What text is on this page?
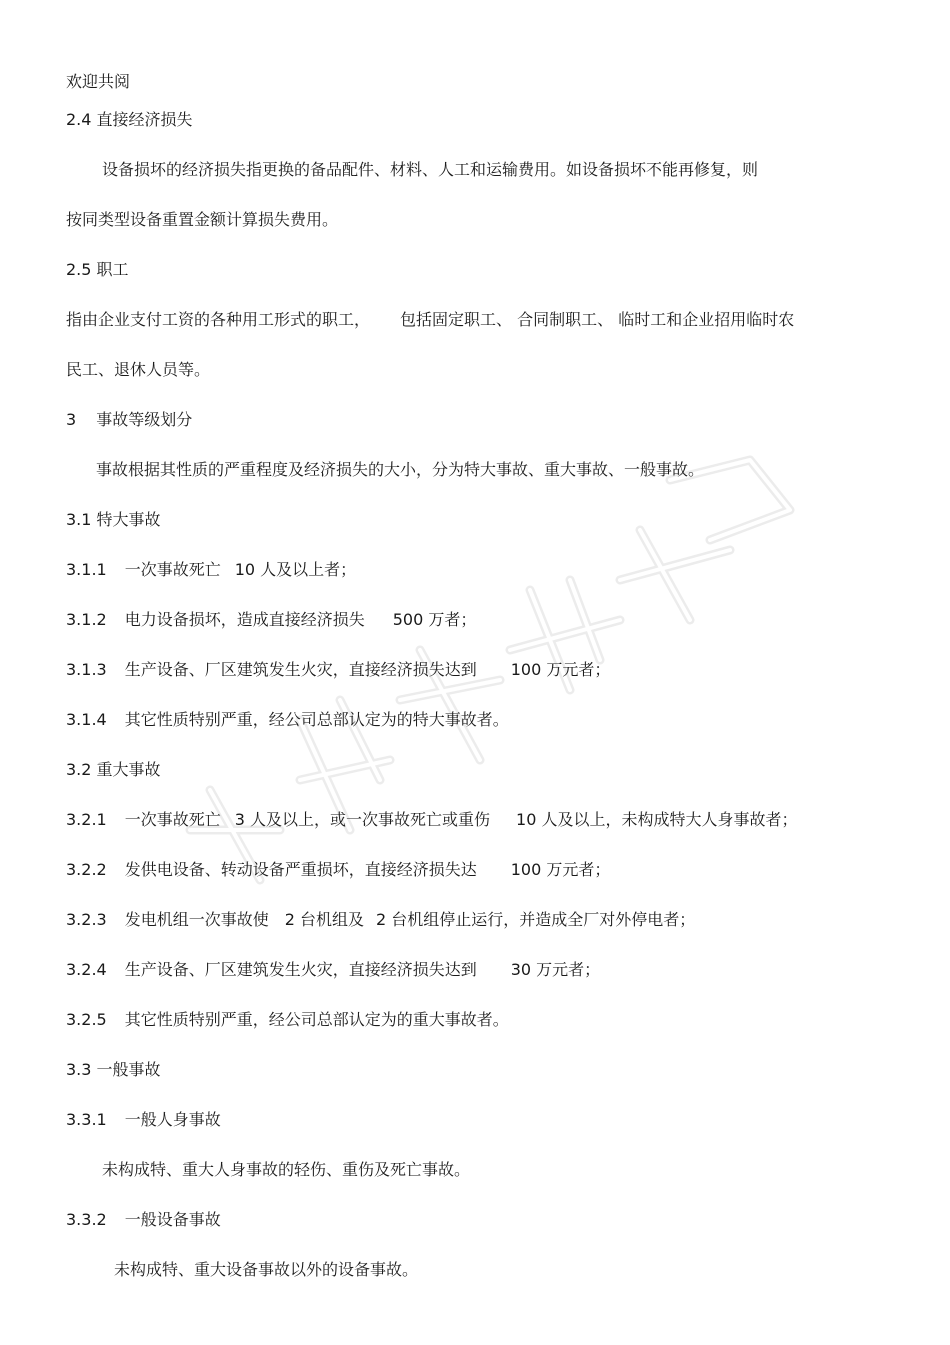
欢迎共阅
2.4 直接经济损失
设备损坏的经济损失指更换的备品配件、材料、人工和运输费用。如设备损坏不能再修复，则
按同类型设备重置金额计算损失费用。
2.5 职工
指由企业支付工资的各种用工形式的职工， 包括固定职工、 合同制职工、 临时工和企业招用临时农
民工、退休人员等。
3 事故等级划分
事故根据其性质的严重程度及经济损失的大小，分为特大事故、重大事故、一般事故。
3.1 特大事故
3.1.1 一次事故死亡 10 人及以上者；
3.1.2 电力设备损坏，造成直接经济损失 500 万者；
3.1.3 生产设备、厂区建筑发生火灾，直接经济损失达到 100 万元者；
3.1.4 其它性质特别严重，经公司总部认定为的特大事故者。
3.2 重大事故
3.2.1 一次事故死亡 3 人及以上，或一次事故死亡或重伤 10 人及以上，未构成特大人身事故者；
3.2.2 发供电设备、转动设备严重损坏，直接经济损失达 100 万元者；
3.2.3 发电机组一次事故使 2 台机组及 2 台机组停止运行，并造成全厂对外停电者；
3.2.4 生产设备、厂区建筑发生火灾，直接经济损失达到 30 万元者；
3.2.5 其它性质特别严重，经公司总部认定为的重大事故者。
3.3 一般事故
3.3.1 一般人身事故
未构成特、重大人身事故的轻伤、重伤及死亡事故。
3.3.2 一般设备事故
未构成特、重大设备事故以外的设备事故。
